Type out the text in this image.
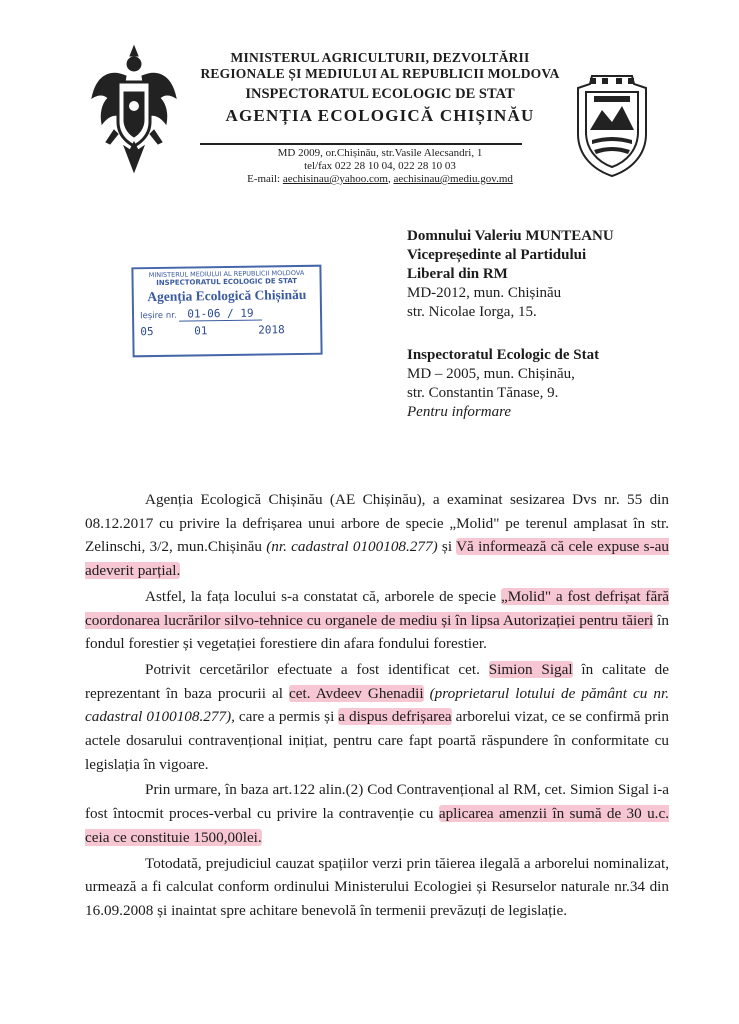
MINISTERUL AGRICULTURII, DEZVOLTĂRII
REGIONALE ȘI MEDIULUI AL REPUBLICII MOLDOVA
INSPECTORATUL ECOLOGIC DE STAT
AGENȚIA ECOLOGICĂ CHIȘINĂU
MD 2009, or.Chișinău, str.Vasile Alecsandri, 1
tel/fax 022 28 10 04, 022 28 10 03
E-mail: aechisinau@yahoo.com, aechisinau@mediu.gov.md
Domnului Valeriu MUNTEANU
Vicepreședinte al Partidului
Liberal din RM
MD-2012, mun. Chișinău
str. Nicolae Iorga, 15.
Inspectoratul Ecologic de Stat
MD – 2005, mun. Chișinău,
str. Constantin Tănase, 9.
Pentru informare
MINISTERUL MEDIULUI AL REPUBLICII MOLDOVA
INSPECTORATUL ECOLOGIC DE STAT
Agenția Ecologică Chișinău
Ieșire nr. 01-06 / 19
05	01	2018

Agenția Ecologică Chișinău (AE Chișinău), a examinat sesizarea Dvs nr. 55 din 08.12.2017 cu privire la defrișarea unui arbore de specie „Molid" pe terenul amplasat în str. Zelinschi, 3/2, mun.Chișinău (nr. cadastral 0100108.277) și Vă informează că cele expuse s-au adeverit parțial.

Astfel, la fața locului s-a constatat că, arborele de specie „Molid" a fost defrișat fără coordonarea lucrărilor silvo-tehnice cu organele de mediu și în lipsa Autorizației pentru tăieri în fondul forestier și vegetației forestiere din afara fondului forestier.

Potrivit cercetărilor efectuate a fost identificat cet. Simion Sigal în calitate de reprezentant în baza procurii al cet. Avdeev Ghenadii (proprietarul lotului de pământ cu nr. cadastral 0100108.277), care a permis și a dispus defrișarea arborelui vizat, ce se confirmă prin actele dosarului contravențional inițiat, pentru care fapt poartă răspundere în conformitate cu legislația în vigoare.

Prin urmare, în baza art.122 alin.(2) Cod Contravențional al RM, cet. Simion Sigal i-a fost întocmit proces-verbal cu privire la contravenție cu aplicarea amenzii în sumă de 30 u.c. ceia ce constituie 1500,00lei.

Totodată, prejudiciul cauzat spațiilor verzi prin tăierea ilegală a arborelui nominalizat, urmează a fi calculat conform ordinului Ministerului Ecologiei și Resurselor naturale nr.34 din 16.09.2008 și inaintat spre achitare benevolă în termenii prevăzuți de legislație.
